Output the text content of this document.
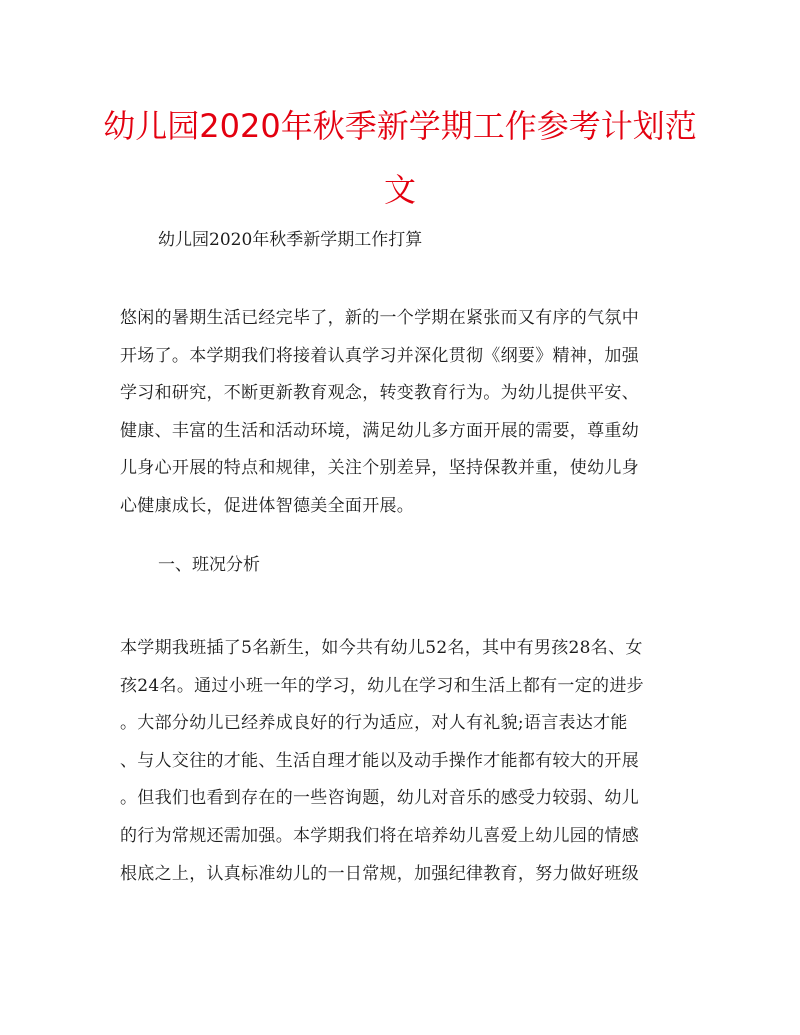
幼儿园2020年秋季新学期工作参考计划范
文

幼儿园2020年秋季新学期工作打算

悠闲的暑期生活已经完毕了，新的一个学期在紧张而又有序的气氛中
开场了。本学期我们将接着认真学习并深化贯彻《纲要》精神，加强
学习和研究，不断更新教育观念，转变教育行为。为幼儿提供平安、
健康、丰富的生活和活动环境，满足幼儿多方面开展的需要，尊重幼
儿身心开展的特点和规律，关注个别差异，坚持保教并重，使幼儿身
心健康成长，促进体智德美全面开展。

一、班况分析

本学期我班插了5名新生，如今共有幼儿52名，其中有男孩28名、女
孩24名。通过小班一年的学习，幼儿在学习和生活上都有一定的进步
。大部分幼儿已经养成良好的行为适应，对人有礼貌;语言表达才能
、与人交往的才能、生活自理才能以及动手操作才能都有较大的开展
。但我们也看到存在的一些咨询题，幼儿对音乐的感受力较弱、幼儿
的行为常规还需加强。本学期我们将在培养幼儿喜爱上幼儿园的情感
根底之上，认真标准幼儿的一日常规，加强纪律教育，努力做好班级
